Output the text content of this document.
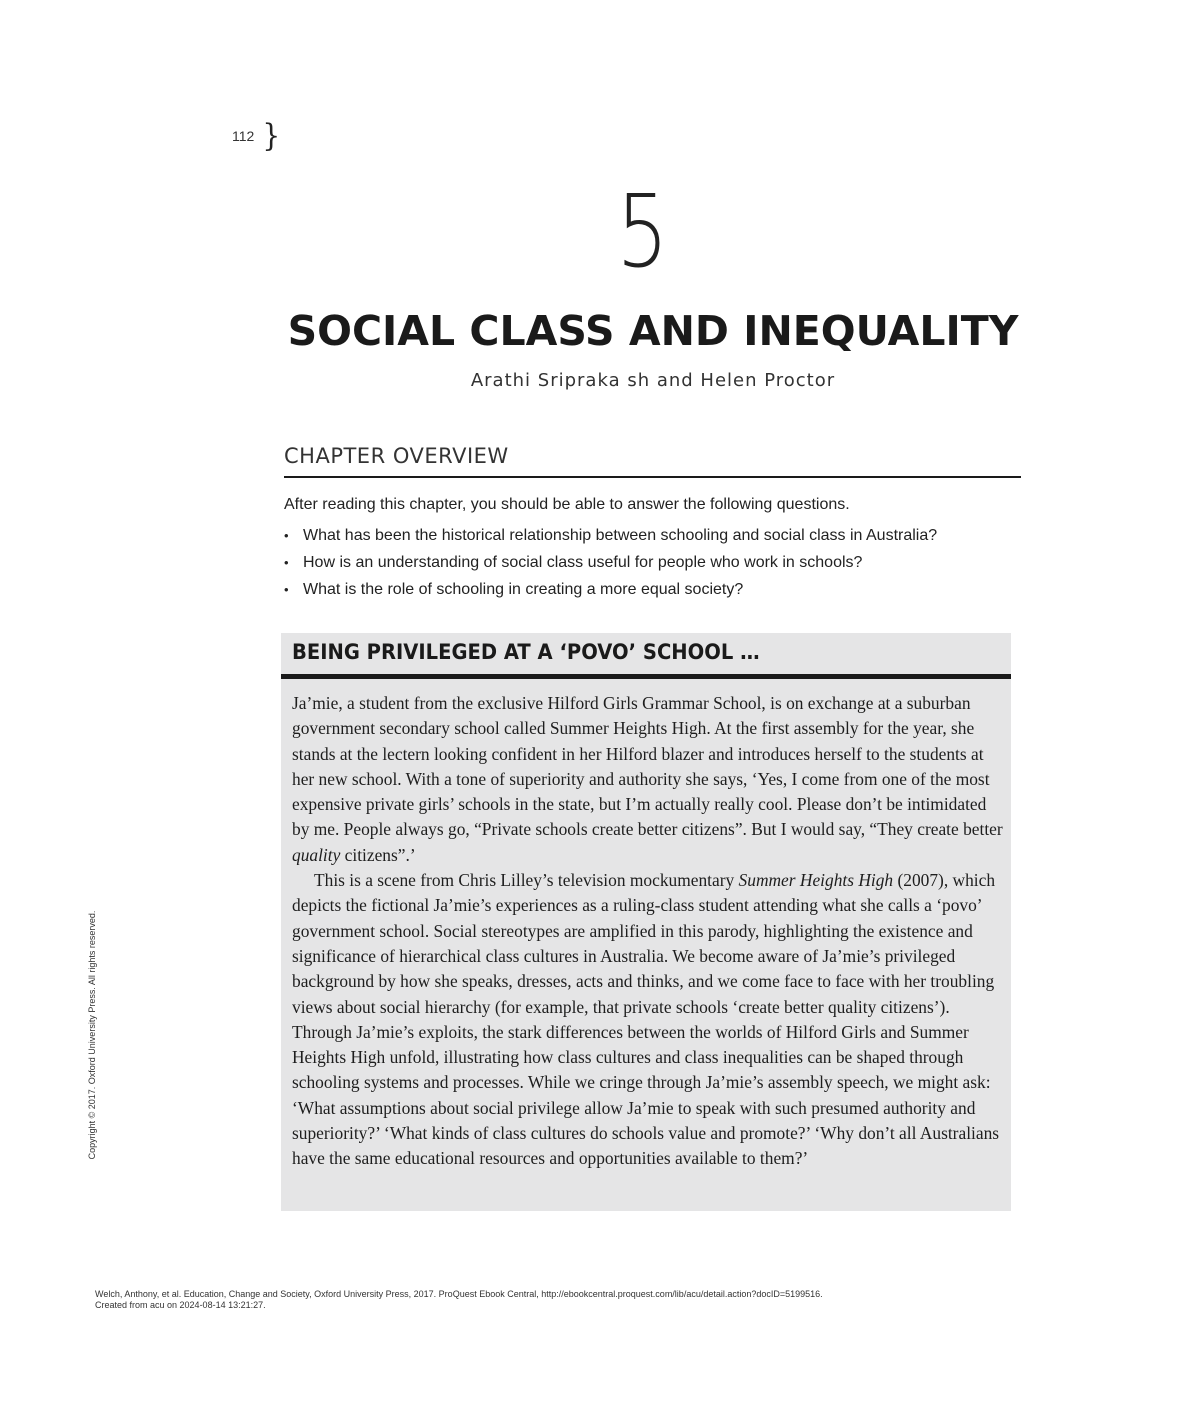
112 }
5
SOCIAL CLASS AND INEQUALITY
Arathi Sripraka sh and Helen Proctor
CHAPTER OVERVIEW

After reading this chapter, you should be able to answer the following questions.

• What has been the historical relationship between schooling and social class in Australia?
• How is an understanding of social class useful for people who work in schools?
• What is the role of schooling in creating a more equal society?
BEING PRIVILEGED AT A ‘POVO’ SCHOOL …

Ja’mie, a student from the exclusive Hilford Girls Grammar School, is on exchange at a suburban government secondary school called Summer Heights High. At the first assembly for the year, she stands at the lectern looking confident in her Hilford blazer and introduces herself to the students at her new school. With a tone of superiority and authority she says, ‘Yes, I come from one of the most expensive private girls’ schools in the state, but I’m actually really cool. Please don’t be intimidated by me. People always go, “Private schools create better citizens”. But I would say, “They create better quality citizens”.’

This is a scene from Chris Lilley’s television mockumentary Summer Heights High (2007), which depicts the fictional Ja’mie’s experiences as a ruling-class student attending what she calls a ‘povo’ government school. Social stereotypes are amplified in this parody, highlighting the existence and significance of hierarchical class cultures in Australia. We become aware of Ja’mie’s privileged background by how she speaks, dresses, acts and thinks, and we come face to face with her troubling views about social hierarchy (for example, that private schools ‘create better quality citizens’). Through Ja’mie’s exploits, the stark differences between the worlds of Hilford Girls and Summer Heights High unfold, illustrating how class cultures and class inequalities can be shaped through schooling systems and processes. While we cringe through Ja’mie’s assembly speech, we might ask: ‘What assumptions about social privilege allow Ja’mie to speak with such presumed authority and superiority?’ ‘What kinds of class cultures do schools value and promote?’ ‘Why don’t all Australians have the same educational resources and opportunities available to them?’

Copyright © 2017. Oxford University Press. All rights reserved.
Welch, Anthony, et al. Education, Change and Society, Oxford University Press, 2017. ProQuest Ebook Central, http://ebookcentral.proquest.com/lib/acu/detail.action?docID=5199516.
Created from acu on 2024-08-14 13:21:27.
